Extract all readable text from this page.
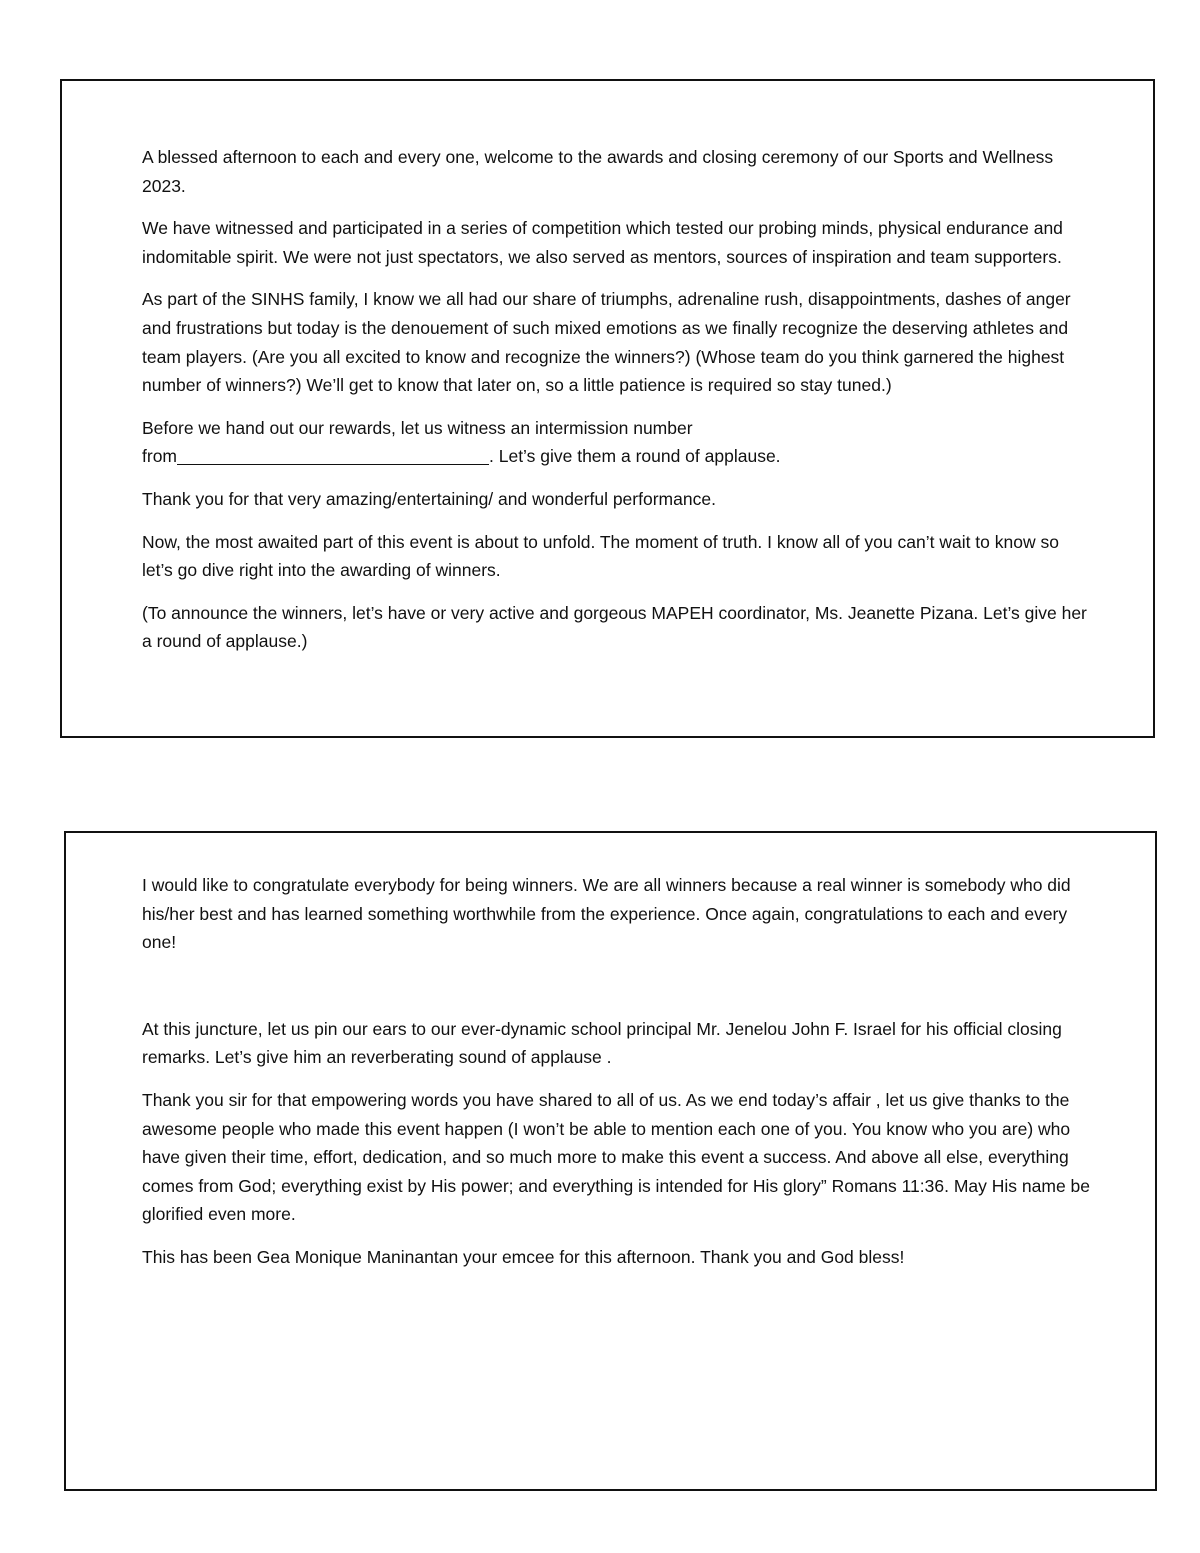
A blessed afternoon to each and every one, welcome to the awards and closing ceremony of our Sports and Wellness 2023.

We have witnessed and participated in a series of competition which tested our probing minds, physical endurance and indomitable spirit. We were not just spectators, we also served as mentors, sources of inspiration and team supporters.

As part of the SINHS family, I know we all had our share of triumphs, adrenaline rush, disappointments, dashes of anger and frustrations but today is the denouement of such mixed emotions as we finally recognize the deserving athletes and team players. (Are you all excited to know and recognize the winners?) (Whose team do you think garnered the highest number of winners?) We’ll get to know that later on, so a little patience is required so stay tuned.)

Before we hand out our rewards, let us witness an intermission number
from	. Let’s give them a round of applause.

Thank you for that very amazing/entertaining/ and wonderful performance.

Now, the most awaited part of this event is about to unfold. The moment of truth. I know all of you can’t wait to know so let’s go dive right into the awarding of winners.

(To announce the winners, let’s have or very active and gorgeous MAPEH coordinator, Ms. Jeanette Pizana. Let’s give her a round of applause.)

I would like to congratulate everybody for being winners. We are all winners because a real winner is somebody who did his/her best and has learned something worthwhile from the experience. Once again, congratulations to each and every one!

At this juncture, let us pin our ears to our ever-dynamic school principal Mr. Jenelou John F. Israel for his official closing remarks. Let’s give him an reverberating sound of applause .

Thank you sir for that empowering words you have shared to all of us. As we end today’s affair , let us give thanks to the awesome people who made this event happen (I won’t be able to mention each one of you. You know who you are) who have given their time, effort, dedication, and so much more to make this event a success. And above all else, everything comes from God; everything exist by His power; and everything is intended for His glory” Romans 11:36. May His name be glorified even more.

This has been Gea Monique Maninantan your emcee for this afternoon. Thank you and God bless!
